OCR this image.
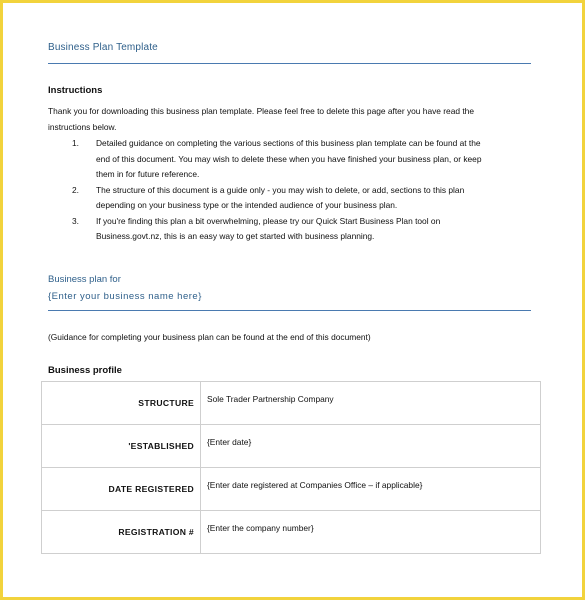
Business Plan Template
Instructions
Thank you for downloading this business plan template. Please feel free to delete this page after you have read the
instructions below.
1. Detailed guidance on completing the various sections of this business plan template can be found at the
end of this document. You may wish to delete these when you have finished your business plan, or keep
them in for future reference.
2. The structure of this document is a guide only - you may wish to delete, or add, sections to this plan
depending on your business type or the intended audience of your business plan.
3. If you're finding this plan a bit overwhelming, please try our Quick Start Business Plan tool on
Business.govt.nz, this is an easy way to get started with business planning.
Business plan for
{Enter your business name here}
(Guidance for completing your business plan can be found at the end of this document)
Business profile
STRUCTURE	Sole Trader Partnership Company
'ESTABLISHED	{Enter date}
DATE REGISTERED	{Enter date registered at Companies Office – if applicable}
REGISTRATION #	{Enter the company number}
